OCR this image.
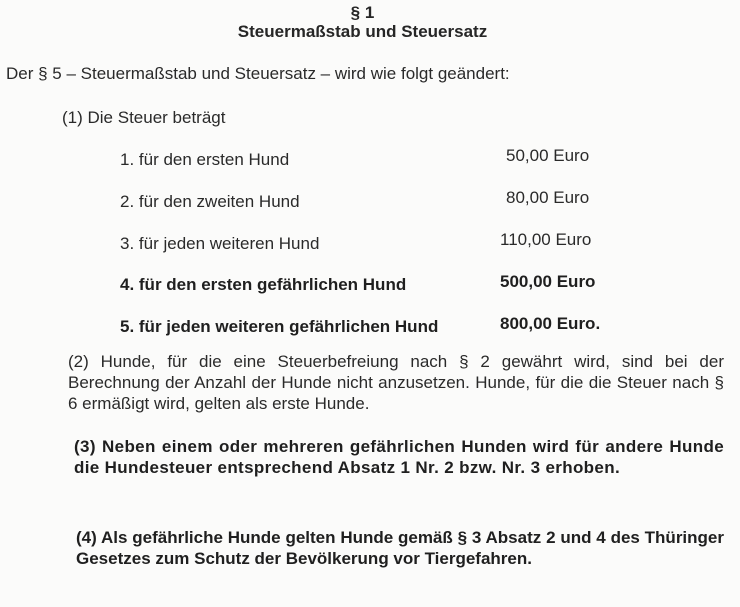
§ 1
Steuermaßstab und Steuersatz
Der § 5 – Steuermaßstab und Steuersatz – wird wie folgt geändert:
(1) Die Steuer beträgt
1. für den ersten Hund	50,00 Euro
2. für den zweiten Hund	80,00 Euro
3. für jeden weiteren Hund	110,00 Euro
4. für den ersten gefährlichen Hund	500,00 Euro
5. für jeden weiteren gefährlichen Hund	800,00 Euro.
(2) Hunde, für die eine Steuerbefreiung nach § 2 gewährt wird, sind bei der Berechnung der Anzahl der Hunde nicht anzusetzen. Hunde, für die die Steuer nach § 6 ermäßigt wird, gelten als erste Hunde.
(3) Neben einem oder mehreren gefährlichen Hunden wird für andere Hunde die Hundesteuer entsprechend Absatz 1 Nr. 2 bzw. Nr. 3 erhoben.
(4) Als gefährliche Hunde gelten Hunde gemäß § 3 Absatz 2 und 4 des Thüringer Gesetzes zum Schutz der Bevölkerung vor Tiergefahren.
